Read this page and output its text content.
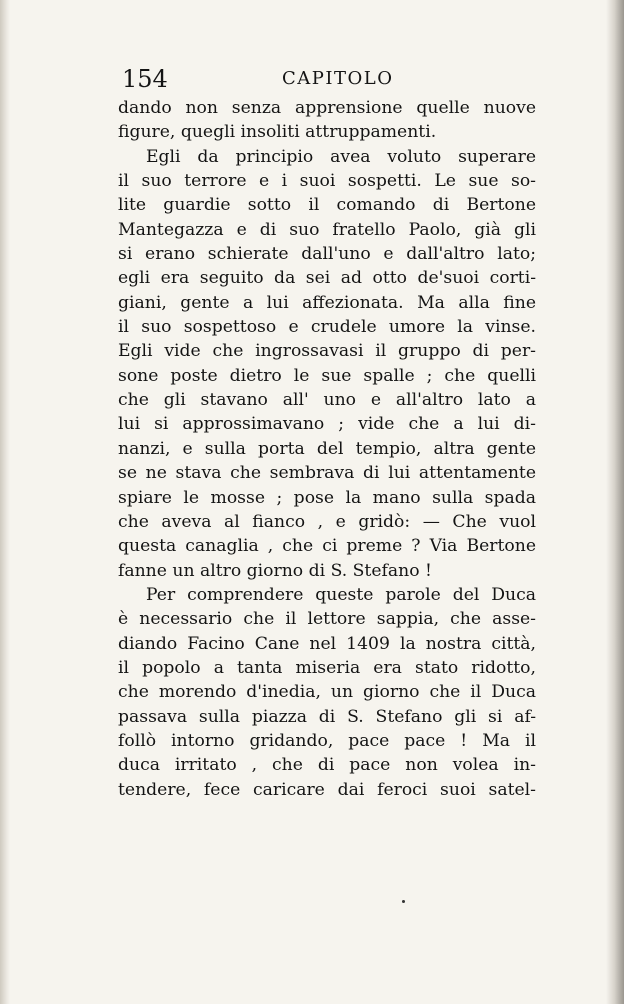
154	CAPITOLO
dando non senza apprensione quelle nuove
figure, quegli insoliti attruppamenti.
Egli da principio avea voluto superare
il suo terrore e i suoi sospetti. Le sue so-
lite guardie sotto il comando di Bertone
Mantegazza e di suo fratello Paolo, già gli
si erano schierate dall'uno e dall'altro lato;
egli era seguito da sei ad otto de'suoi corti-
giani, gente a lui affezionata. Ma alla fine
il suo sospettoso e crudele umore la vinse.
Egli vide che ingrossavasi il gruppo di per-
sone poste dietro le sue spalle ; che quelli
che gli stavano all' uno e all'altro lato a
lui si approssimavano ; vide che a lui di-
nanzi, e sulla porta del tempio, altra gente
se ne stava che sembrava di lui attentamente
spiare le mosse ; pose la mano sulla spada
che aveva al fianco , e gridò: — Che vuol
questa canaglia , che ci preme ? Via Bertone
fanne un altro giorno di S. Stefano !
Per comprendere queste parole del Duca
è necessario che il lettore sappia, che asse-
diando Facino Cane nel 1409 la nostra città,
il popolo a tanta miseria era stato ridotto,
che morendo d'inedia, un giorno che il Duca
passava sulla piazza di S. Stefano gli si af-
follò intorno gridando, pace pace ! Ma il
duca irritato , che di pace non volea in-
tendere, fece caricare dai feroci suoi satel-
